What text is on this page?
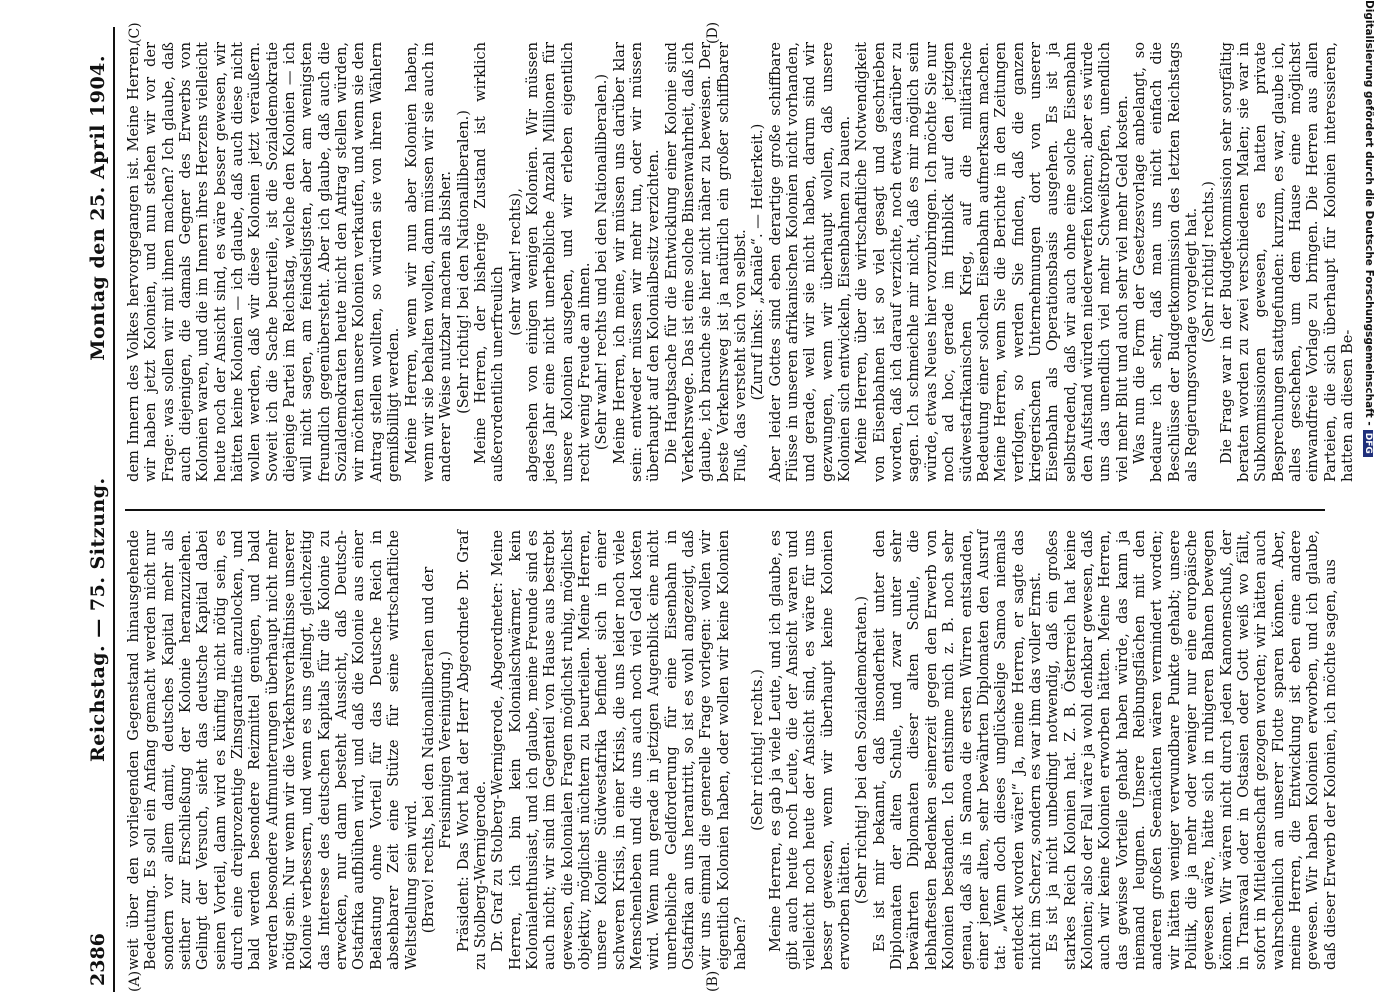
2386
Reichstag. — 75. Sitzung.
Montag den 25. April 1904.
(A)	(B)
(C)	(D)

weit über den vorliegenden Gegenstand hinausgehende Bedeutung. Es soll ein Anfang gemacht werden nicht nur sondern vor allem damit, deutsches Kapital mehr als seither zur Erschließung der Kolonie heranzuziehen. Gelingt der Versuch, sieht das deutsche Kapital dabei seinen Vorteil, dann wird es künftig nicht nötig sein, es durch eine dreiprozentige Zinsgarantie anzulocken, und bald werden besondere Reizmittel genügen, und bald werden besondere Aufmunterungen überhaupt nicht mehr nötig sein. Nur wenn wir die Verkehrsverhältnisse unserer Kolonie verbessern, und wenn es uns gelingt, gleichzeitig das Interesse des deutschen Kapitals für die Kolonie zu erwecken, nur dann besteht Aussicht, daß Deutsch-Ostafrika aufblühen wird, und daß die Kolonie aus einer Belastung ohne Vorteil für das Deutsche Reich in absehbarer Zeit eine Stütze für seine wirtschaftliche Weltstellung sein wird. (Bravo! rechts, bei den Nationalliberalen und der Freisinnigen Vereinigung.) Präsident: Das Wort hat der Herr Abgeordnete Dr. Graf zu Stolberg-Wernigerode. Dr. Graf zu Stolberg-Wernigerode, Abgeordneter: Meine Herren, ich bin kein Kolonialschwärmer, kein Kolonialenthusiast, und ich glaube, meine Freunde sind es auch nicht; wir sind im Gegenteil von Hause aus bestrebt gewesen, die kolonialen Fragen möglichst ruhig, möglichst objektiv, möglichst nüchtern zu beurteilen. Meine Herren, unsere Kolonie Südwestafrika befindet sich in einer schweren Krisis, in einer Krisis, die uns leider noch viele Menschenleben und die uns auch noch viel Geld kosten wird. Wenn nun gerade in jetzigen Augenblick eine nicht unerhebliche Geldforderung für eine Eisenbahn in Ostafrika an uns herantritt, so ist es wohl angezeigt, daß wir uns einmal die generelle Frage vorlegen: wollen wir eigentlich Kolonien haben, oder wollen wir keine Kolonien haben?

(Sehr richtig! rechts.) Meine Herren, es gab ja viele Leute, und ich glaube, es gibt auch heute noch Leute, die der Ansicht waren und vielleicht noch heute der Ansicht sind, es wäre für uns besser gewesen, wenn wir überhaupt keine Kolonien erworben hätten.

(Sehr richtig! bei den Sozialdemokraten.) Es ist mir bekannt, daß insonderheit unter den Diplomaten der alten Schule, und zwar unter sehr bewährten Diplomaten dieser alten Schule, die lebhaftesten Bedenken seinerzeit gegen den Erwerb von Kolonien bestanden. Ich entsinne mich z. B. noch sehr genau, daß als in Samoa die ersten Wirren entstanden, einer jener alten, sehr bewährten Diplomaten den Ausruf tat: „Wenn doch dieses unglückselige Samoa niemals entdeckt worden wäre!“ Ja, meine Herren, er sagte das nicht im Scherz, sondern es war ihm das voller Ernst. Es ist ja nicht unbedingt notwendig, daß ein großes starkes Reich Kolonien hat. Z. B. Österreich hat keine Kolonien; also der Fall wäre ja wohl denkbar gewesen, daß auch wir keine Kolonien erworben hätten. Meine Herren, das gewisse Vorteile gehabt haben würde, das kann ja niemand leugnen. Unsere Reibungsflächen mit den anderen großen Seemächten wären vermindert worden; wir hätten weniger verwundbare Punkte gehabt; unsere Politik, die ja mehr oder weniger nur eine europäische gewesen wäre, hätte sich in ruhigeren Bahnen bewegen können. Wir wären nicht durch jeden Kanonenschuß, der in Transvaal oder in Ostasien oder Gott weiß wo fällt, sofort in Mitleidenschaft gezogen worden; wir hätten auch wahrscheinlich an unserer Flotte sparen können. Aber, meine Herren, die Entwicklung ist eben eine andere gewesen. Wir haben Kolonien erworben, und ich glaube, daß dieser Erwerb der Kolonien, ich möchte sagen, aus

dem Innern des Volkes hervorgegangen ist. Meine Herren, wir haben jetzt Kolonien, und nun stehen wir vor der Frage: was sollen wir mit ihnen machen? Ich glaube, daß auch diejenigen, die damals Gegner des Erwerbs von Kolonien waren, und die im Innern ihres Herzens vielleicht heute noch der Ansicht sind, es wäre besser gewesen, wir hätten keine Kolonien — ich glaube, daß auch diese nicht wollen werden, daß wir diese Kolonien jetzt veräußern. Soweit ich die Sache beurteile, ist die Sozialdemokratie diejenige Partei im Reichstag, welche den Kolonien — ich will nicht sagen, am feindseligsten, aber am wenigsten freundlich gegenübersteht. Aber ich glaube, daß auch die Sozialdemokraten heute nicht den Antrag stellen würden, wir möchten unsere Kolonien verkaufen, und wenn sie den Antrag stellen wollten, so würden sie von ihren Wählern gemißbilligt werden. Meine Herren, wenn wir nun aber Kolonien haben, wenn wir sie behalten wollen, dann müssen wir sie auch in anderer Weise nutzbar machen als bisher. (Sehr richtig! bei den Nationalliberalen.) Meine Herren, der bisherige Zustand ist wirklich außerordentlich unerfreulich

(sehr wahr! rechts), abgesehen von einigen wenigen Kolonien. Wir müssen jedes Jahr eine nicht unerhebliche Anzahl Millionen für unsere Kolonien ausgeben, und wir erleben eigentlich recht wenig Freude an ihnen. (Sehr wahr! rechts und bei den Nationalliberalen.) Meine Herren, ich meine, wir müssen uns darüber klar sein: entweder müssen wir mehr tun, oder wir müssen überhaupt auf den Kolonialbesitz verzichten. Die Hauptsache für die Entwicklung einer Kolonie sind Verkehrswege. Das ist eine solche Binsenwahrheit, daß ich glaube, ich brauche sie hier nicht näher zu beweisen. Der beste Verkehrsweg ist ja natürlich ein großer schiffbarer Fluß, das versteht sich von selbst. (Zuruf links: „Kanäle“. — Heiterkeit.) Aber leider Gottes sind eben derartige große schiffbare Flüsse in unseren afrikanischen Kolonien nicht vorhanden, und gerade, weil wir sie nicht haben, darum sind wir gezwungen, wenn wir überhaupt wollen, daß unsere Kolonien sich entwickeln, Eisenbahnen zu bauen. Meine Herren, über die wirtschaftliche Notwendigkeit von Eisenbahnen ist so viel gesagt und geschrieben worden, daß ich darauf verzichte, noch etwas darüber zu sagen. Ich schmeichle mir nicht, daß es mir möglich sein würde, etwas Neues hier vorzubringen. Ich möchte Sie nur noch ad hoc, gerade im Hinblick auf den jetzigen südwestafrikanischen Krieg, auf die militärische Bedeutung einer solchen Eisenbahn aufmerksam machen. Meine Herren, wenn Sie die Berichte in den Zeitungen verfolgen, so werden Sie finden, daß die ganzen kriegerischen Unternehmungen dort von unserer Eisenbahn als Operationsbasis ausgehen. Es ist ja selbstredend, daß wir auch ohne eine solche Eisenbahn den Aufstand würden niederwerfen können; aber es würde uns das unendlich viel mehr Schweißtropfen, unendlich viel mehr Blut und auch sehr viel mehr Geld kosten. Was nun die Form der Gesetzesvorlage anbelangt, so bedaure ich sehr, daß man uns nicht einfach die Beschlüsse der Budgetkommission des letzten Reichstags als Regierungsvorlage vorgelegt hat. (Sehr richtig! rechts.) Die Frage war in der Budgetkommission sehr sorgfältig beraten worden zu zwei verschiedenen Malen; sie war in Subkommissionen gewesen, es hatten private Besprechungen stattgefunden: kurzum, es war, glaube ich, alles geschehen, um dem Hause eine möglichst einwandfreie Vorlage zu bringen. Die Herren aus allen Parteien, die sich überhaupt für Kolonien interessieren, hatten an diesen Be- Digitalisierung gefördert durch die Deutsche Forschungsgemeinschaft -DFG
